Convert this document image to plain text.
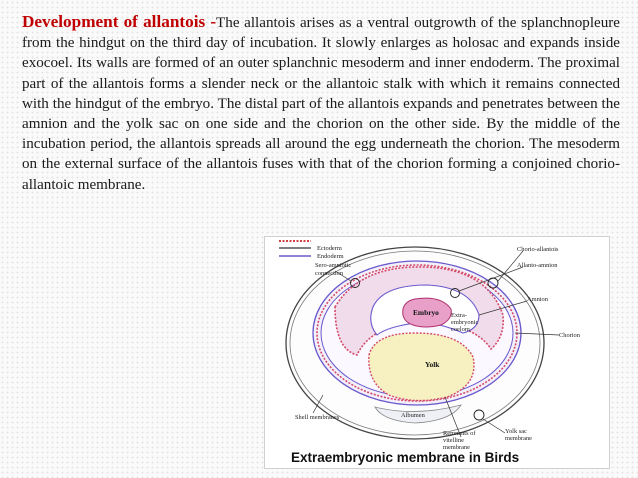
Development of allantois -The allantois arises as a ventral outgrowth of the splanchnopleure from the hindgut on the third day of incubation. It slowly enlarges as holosac and expands inside exocoel. Its walls are formed of an outer splanchnic mesoderm and inner endoderm. The proximal part of the allantois forms a slender neck or the allantoic stalk with which it remains connected with the hindgut of the embryo. The distal part of the allantois expands and penetrates between the amnion and the yolk sac on one side and the chorion on the other side. By the middle of the incubation period, the allantois spreads all around the egg underneath the chorion. The mesoderm on the external surface of the allantois fuses with that of the chorion forming a conjoined chorio-allantoic membrane.

Ectoderm
Endoderm
Chorio-allantois
Allanto-amnion
Amnion
Chorion
Sero-amniotic
connection
Embryo Extra-
embryonic
coelom
Yolk
Albumen
Shell membranes
Yolk sac
membrane
Remnants of
vitelline
membrane
Extraembryonic membrane in Birds
